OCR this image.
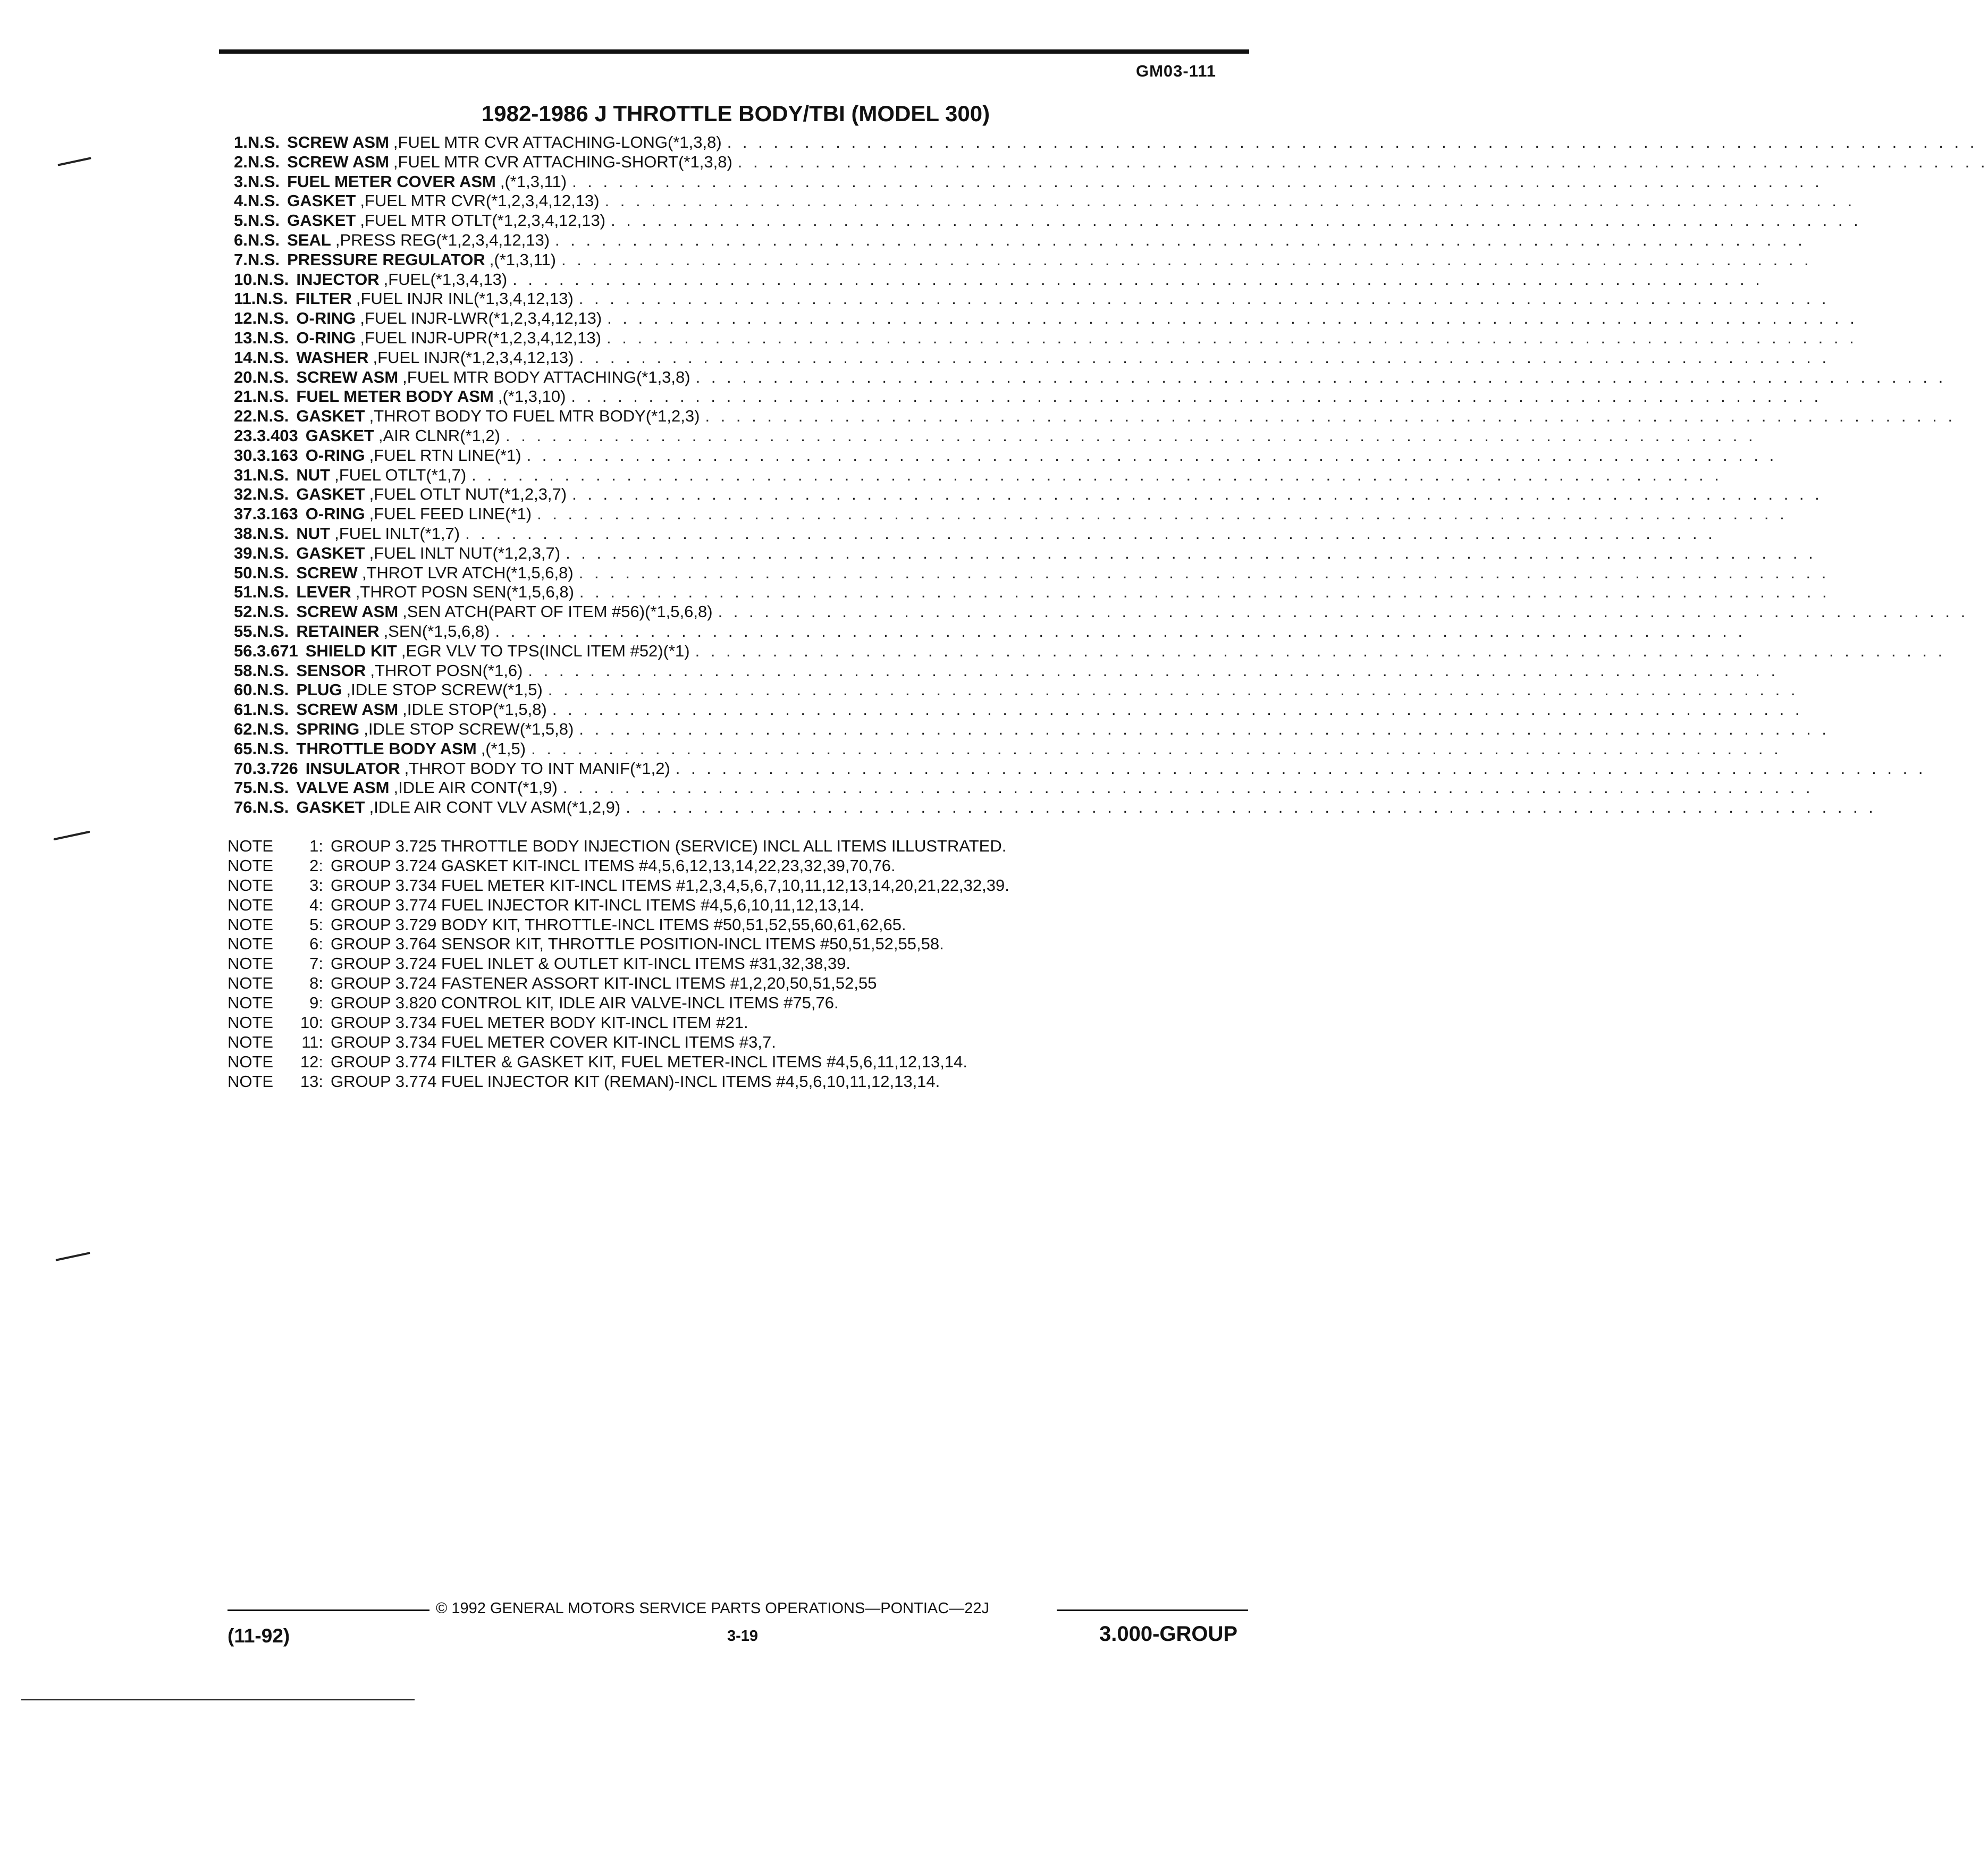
GM03-111
1982-1986 J THROTTLE BODY/TBI (MODEL 300)
1. N.S. SCREW ASM ,FUEL MTR CVR ATTACHING-LONG(*1,3,8) . . . . . . . . . . . . . . . . . . . . . . . . . . . . . . . . . . . . . . . . . . . . . . . . . . . . . . . . . . . . . . . . . . . . . . . . . . . . . . . . .
2. N.S. SCREW ASM ,FUEL MTR CVR ATTACHING-SHORT(*1,3,8) . . . . . . . . . . . . . . . . . . . . . . . . . . . . . . . . . . . . . . . . . . . . . . . . . . . . . . . . . . . . . . . . . . . . . . . . . . . . . . . . .
3. N.S. FUEL METER COVER ASM ,(*1,3,11) . . . . . . . . . . . . . . . . . . . . . . . . . . . . . . . . . . . . . . . . . . . . . . . . . . . . . . . . . . . . . . . . . . . . . . . . . . . . . . . . .
4. N.S. GASKET ,FUEL MTR CVR(*1,2,3,4,12,13) . . . . . . . . . . . . . . . . . . . . . . . . . . . . . . . . . . . . . . . . . . . . . . . . . . . . . . . . . . . . . . . . . . . . . . . . . . . . . . . . .
5. N.S. GASKET ,FUEL MTR OTLT(*1,2,3,4,12,13) . . . . . . . . . . . . . . . . . . . . . . . . . . . . . . . . . . . . . . . . . . . . . . . . . . . . . . . . . . . . . . . . . . . . . . . . . . . . . . . . .
6. N.S. SEAL ,PRESS REG(*1,2,3,4,12,13) . . . . . . . . . . . . . . . . . . . . . . . . . . . . . . . . . . . . . . . . . . . . . . . . . . . . . . . . . . . . . . . . . . . . . . . . . . . . . . . . .
7. N.S. PRESSURE REGULATOR ,(*1,3,11) . . . . . . . . . . . . . . . . . . . . . . . . . . . . . . . . . . . . . . . . . . . . . . . . . . . . . . . . . . . . . . . . . . . . . . . . . . . . . . . . .
10. N.S. INJECTOR ,FUEL(*1,3,4,13) . . . . . . . . . . . . . . . . . . . . . . . . . . . . . . . . . . . . . . . . . . . . . . . . . . . . . . . . . . . . . . . . . . . . . . . . . . . . . . . . .
11. N.S. FILTER ,FUEL INJR INL(*1,3,4,12,13) . . . . . . . . . . . . . . . . . . . . . . . . . . . . . . . . . . . . . . . . . . . . . . . . . . . . . . . . . . . . . . . . . . . . . . . . . . . . . . . . .
12. N.S. O-RING ,FUEL INJR-LWR(*1,2,3,4,12,13) . . . . . . . . . . . . . . . . . . . . . . . . . . . . . . . . . . . . . . . . . . . . . . . . . . . . . . . . . . . . . . . . . . . . . . . . . . . . . . . . .
13. N.S. O-RING ,FUEL INJR-UPR(*1,2,3,4,12,13) . . . . . . . . . . . . . . . . . . . . . . . . . . . . . . . . . . . . . . . . . . . . . . . . . . . . . . . . . . . . . . . . . . . . . . . . . . . . . . . . .
14. N.S. WASHER ,FUEL INJR(*1,2,3,4,12,13) . . . . . . . . . . . . . . . . . . . . . . . . . . . . . . . . . . . . . . . . . . . . . . . . . . . . . . . . . . . . . . . . . . . . . . . . . . . . . . . . .
20. N.S. SCREW ASM ,FUEL MTR BODY ATTACHING(*1,3,8) . . . . . . . . . . . . . . . . . . . . . . . . . . . . . . . . . . . . . . . . . . . . . . . . . . . . . . . . . . . . . . . . . . . . . . . . . . . . . . . . .
21. N.S. FUEL METER BODY ASM ,(*1,3,10) . . . . . . . . . . . . . . . . . . . . . . . . . . . . . . . . . . . . . . . . . . . . . . . . . . . . . . . . . . . . . . . . . . . . . . . . . . . . . . . . .
22. N.S. GASKET ,THROT BODY TO FUEL MTR BODY(*1,2,3) . . . . . . . . . . . . . . . . . . . . . . . . . . . . . . . . . . . . . . . . . . . . . . . . . . . . . . . . . . . . . . . . . . . . . . . . . . . . . . . . .
23. 3.403 GASKET ,AIR CLNR(*1,2) . . . . . . . . . . . . . . . . . . . . . . . . . . . . . . . . . . . . . . . . . . . . . . . . . . . . . . . . . . . . . . . . . . . . . . . . . . . . . . . . .
30. 3.163 O-RING ,FUEL RTN LINE(*1) . . . . . . . . . . . . . . . . . . . . . . . . . . . . . . . . . . . . . . . . . . . . . . . . . . . . . . . . . . . . . . . . . . . . . . . . . . . . . . . . .
31. N.S. NUT ,FUEL OTLT(*1,7) . . . . . . . . . . . . . . . . . . . . . . . . . . . . . . . . . . . . . . . . . . . . . . . . . . . . . . . . . . . . . . . . . . . . . . . . . . . . . . . . .
32. N.S. GASKET ,FUEL OTLT NUT(*1,2,3,7) . . . . . . . . . . . . . . . . . . . . . . . . . . . . . . . . . . . . . . . . . . . . . . . . . . . . . . . . . . . . . . . . . . . . . . . . . . . . . . . . .
37. 3.163 O-RING ,FUEL FEED LINE(*1) . . . . . . . . . . . . . . . . . . . . . . . . . . . . . . . . . . . . . . . . . . . . . . . . . . . . . . . . . . . . . . . . . . . . . . . . . . . . . . . . .
38. N.S. NUT ,FUEL INLT(*1,7) . . . . . . . . . . . . . . . . . . . . . . . . . . . . . . . . . . . . . . . . . . . . . . . . . . . . . . . . . . . . . . . . . . . . . . . . . . . . . . . . .
39. N.S. GASKET ,FUEL INLT NUT(*1,2,3,7) . . . . . . . . . . . . . . . . . . . . . . . . . . . . . . . . . . . . . . . . . . . . . . . . . . . . . . . . . . . . . . . . . . . . . . . . . . . . . . . . .
50. N.S. SCREW ,THROT LVR ATCH(*1,5,6,8) . . . . . . . . . . . . . . . . . . . . . . . . . . . . . . . . . . . . . . . . . . . . . . . . . . . . . . . . . . . . . . . . . . . . . . . . . . . . . . . . .
51. N.S. LEVER ,THROT POSN SEN(*1,5,6,8) . . . . . . . . . . . . . . . . . . . . . . . . . . . . . . . . . . . . . . . . . . . . . . . . . . . . . . . . . . . . . . . . . . . . . . . . . . . . . . . . .
52. N.S. SCREW ASM ,SEN ATCH(PART OF ITEM #56)(*1,5,6,8) . . . . . . . . . . . . . . . . . . . . . . . . . . . . . . . . . . . . . . . . . . . . . . . . . . . . . . . . . . . . . . . . . . . . . . . . . . . . . . . . .
55. N.S. RETAINER ,SEN(*1,5,6,8) . . . . . . . . . . . . . . . . . . . . . . . . . . . . . . . . . . . . . . . . . . . . . . . . . . . . . . . . . . . . . . . . . . . . . . . . . . . . . . . . .
56. 3.671 SHIELD KIT ,EGR VLV TO TPS(INCL ITEM #52)(*1) . . . . . . . . . . . . . . . . . . . . . . . . . . . . . . . . . . . . . . . . . . . . . . . . . . . . . . . . . . . . . . . . . . . . . . . . . . . . . . . . .
58. N.S. SENSOR ,THROT POSN(*1,6) . . . . . . . . . . . . . . . . . . . . . . . . . . . . . . . . . . . . . . . . . . . . . . . . . . . . . . . . . . . . . . . . . . . . . . . . . . . . . . . . .
60. N.S. PLUG ,IDLE STOP SCREW(*1,5) . . . . . . . . . . . . . . . . . . . . . . . . . . . . . . . . . . . . . . . . . . . . . . . . . . . . . . . . . . . . . . . . . . . . . . . . . . . . . . . . .
61. N.S. SCREW ASM ,IDLE STOP(*1,5,8) . . . . . . . . . . . . . . . . . . . . . . . . . . . . . . . . . . . . . . . . . . . . . . . . . . . . . . . . . . . . . . . . . . . . . . . . . . . . . . . . .
62. N.S. SPRING ,IDLE STOP SCREW(*1,5,8) . . . . . . . . . . . . . . . . . . . . . . . . . . . . . . . . . . . . . . . . . . . . . . . . . . . . . . . . . . . . . . . . . . . . . . . . . . . . . . . . .
65. N.S. THROTTLE BODY ASM ,(*1,5) . . . . . . . . . . . . . . . . . . . . . . . . . . . . . . . . . . . . . . . . . . . . . . . . . . . . . . . . . . . . . . . . . . . . . . . . . . . . . . . . .
70. 3.726 INSULATOR ,THROT BODY TO INT MANIF(*1,2) . . . . . . . . . . . . . . . . . . . . . . . . . . . . . . . . . . . . . . . . . . . . . . . . . . . . . . . . . . . . . . . . . . . . . . . . . . . . . . . . .
75. N.S. VALVE ASM ,IDLE AIR CONT(*1,9) . . . . . . . . . . . . . . . . . . . . . . . . . . . . . . . . . . . . . . . . . . . . . . . . . . . . . . . . . . . . . . . . . . . . . . . . . . . . . . . . .
76. N.S. GASKET ,IDLE AIR CONT VLV ASM(*1,2,9) . . . . . . . . . . . . . . . . . . . . . . . . . . . . . . . . . . . . . . . . . . . . . . . . . . . . . . . . . . . . . . . . . . . . . . . . . . . . . . . . .
NOTE	1: GROUP 3.725 THROTTLE BODY INJECTION (SERVICE) INCL ALL ITEMS ILLUSTRATED.
NOTE	2: GROUP 3.724 GASKET KIT-INCL ITEMS #4,5,6,12,13,14,22,23,32,39,70,76.
NOTE	3: GROUP 3.734 FUEL METER KIT-INCL ITEMS #1,2,3,4,5,6,7,10,11,12,13,14,20,21,22,32,39.
NOTE	4: GROUP 3.774 FUEL INJECTOR KIT-INCL ITEMS #4,5,6,10,11,12,13,14.
NOTE	5: GROUP 3.729 BODY KIT, THROTTLE-INCL ITEMS #50,51,52,55,60,61,62,65.
NOTE	6: GROUP 3.764 SENSOR KIT, THROTTLE POSITION-INCL ITEMS #50,51,52,55,58.
NOTE	7: GROUP 3.724 FUEL INLET & OUTLET KIT-INCL ITEMS #31,32,38,39.
NOTE	8: GROUP 3.724 FASTENER ASSORT KIT-INCL ITEMS #1,2,20,50,51,52,55
NOTE	9: GROUP 3.820 CONTROL KIT, IDLE AIR VALVE-INCL ITEMS #75,76.
NOTE	10: GROUP 3.734 FUEL METER BODY KIT-INCL ITEM #21.
NOTE	11: GROUP 3.734 FUEL METER COVER KIT-INCL ITEMS #3,7.
NOTE	12: GROUP 3.774 FILTER & GASKET KIT, FUEL METER-INCL ITEMS #4,5,6,11,12,13,14.
NOTE	13: GROUP 3.774 FUEL INJECTOR KIT (REMAN)-INCL ITEMS #4,5,6,10,11,12,13,14.
© 1992 GENERAL MOTORS SERVICE PARTS OPERATIONS—PONTIAC—22J
(11-92)	3-19	3.000-GROUP
